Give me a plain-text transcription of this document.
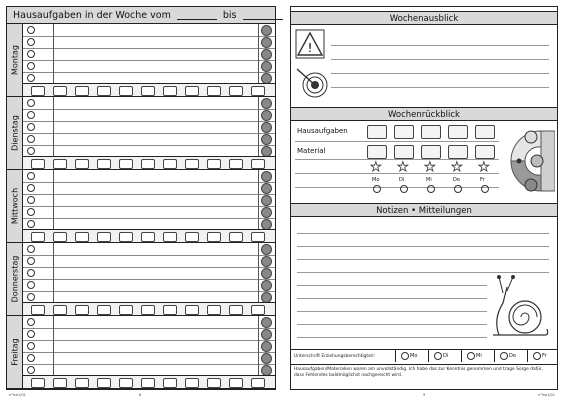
Hausaufgaben in der Woche vom	bis
Montag
Dienstag
Mittwoch
Donnerstag
Freitag
n°hw1/01	8
Wochenausblick
!
Wochenrückblick
Hausaufgaben
Material
★
Mo
★
Di
★
Mi
★
Do
★
Fr
Notizen • Mitteilungen
Unterschrift Erziehungsberechtigte/r:	Mo	Di	Mi	Do	Fr
Hausaufgaben/Materialien waren am unvollständig. Ich habe das zur Kenntnis genommen und trage Sorge dafür, dass Fehlendes baldmöglichst nachgereicht wird.
9	n°hw1/01
